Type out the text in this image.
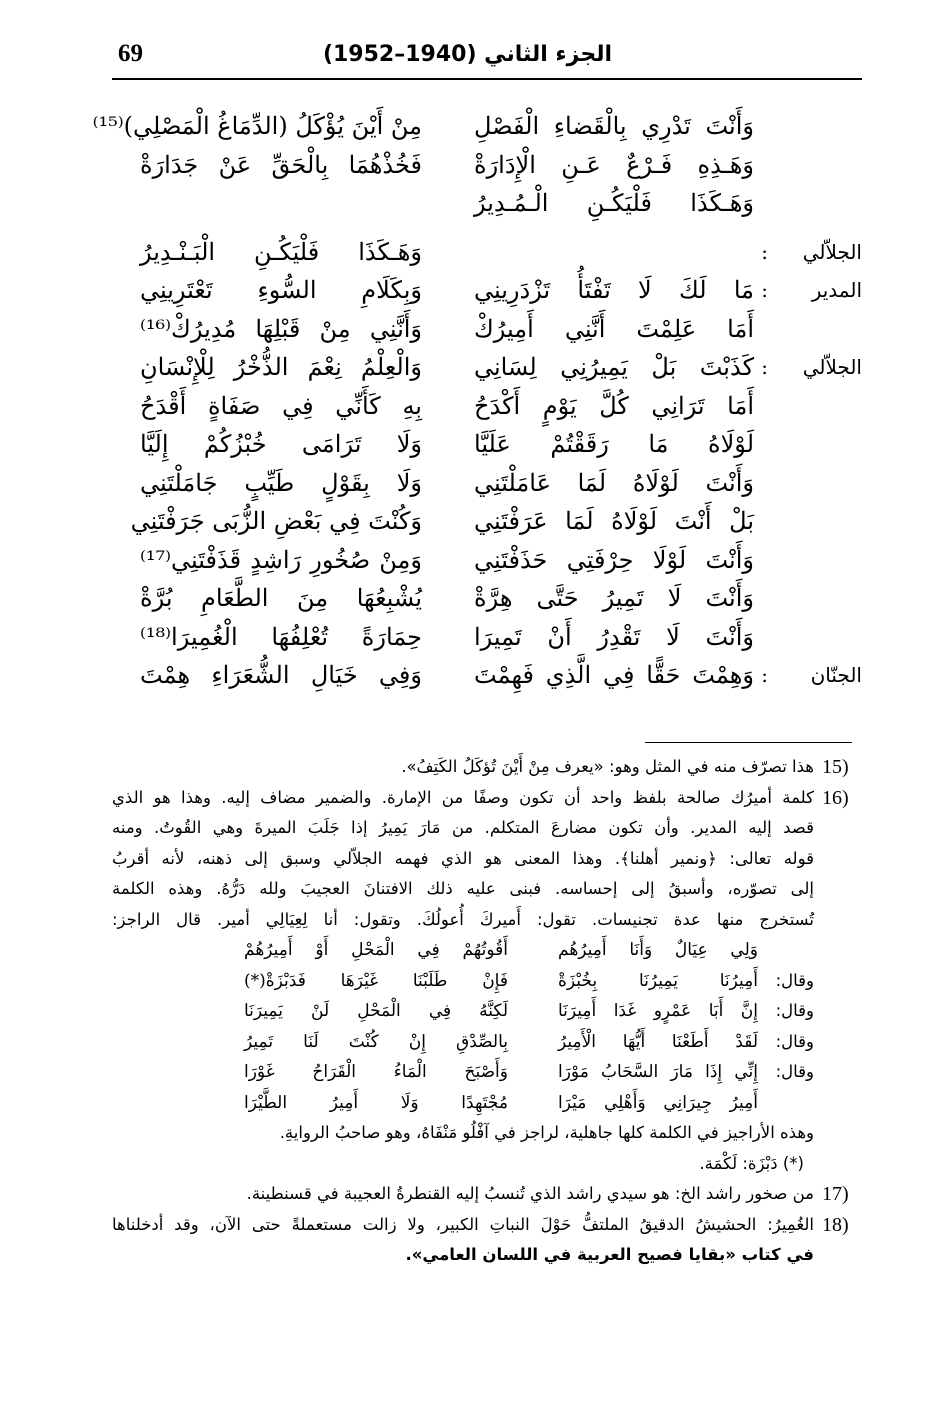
69	الجزء الثاني (1940–1952)
وَأَنْتَ تَدْرِي بِالْقَضاءِ الْفَصْلِ
مِنْ أَيْنَ يُؤْكَلُ (الدِّمَاغُ الْمَصْلِي)⁽¹⁵⁾
وَهَـذِهِ فَـرْعٌ عَـنِ الْإِدَارَةْ
فَخُذْهُمَا بِالْحَقِّ عَنْ جَدَارَةْ
وَهَـكَذَا فَلْيَكُـنِ الْـمُـدِيرُ
الجلاّلي
:
وَهَـكَذَا فَلْيَكُـنِ الْبَـنْـدِيرُ
المدير
:
مَا لَكَ لَا تَفْتَأُ تَزْدَرِينِي
وَبِكَلَامِ السُّوءِ تَعْتَرِينِي
أَمَا عَلِمْتَ أَنَّنِي أَمِيرُكْ
وَأَنَّنِي مِنْ قَبْلِهَا مُدِيرُكْ⁽¹⁶⁾
الجلاّلي
:
كَذَبْتَ بَلْ يَمِيرُنِي لِسَانِي
وَالْعِلْمُ نِعْمَ الذُّخْرُ لِلْإِنْسَانِ
أَمَا تَرَانِي كُلَّ يَوْمٍ أَكْدَحُ
بِهِ كَأَنِّي فِي صَفَاةٍ أَقْدَحُ
لَوْلَاهُ مَا رَقَقْتُمْ عَلَيَّا
وَلَا تَرَامَى خُبْزُكُمْ إِلَيَّا
وَأَنْتَ لَوْلَاهُ لَمَا عَامَلْتَنِي
وَلَا بِقَوْلٍ طَيِّبٍ جَامَلْتَنِي
بَلْ أَنْتَ لَوْلَاهُ لَمَا عَرَفْتَنِي
وَكُنْتَ فِي بَعْضِ الزُّبَى جَرَفْتَنِي
وَأَنْتَ لَوْلَا حِرْفَتِي حَذَفْتَنِي
وَمِنْ صُخُورِ رَاشِدٍ قَذَفْتَنِي⁽¹⁷⁾
وَأَنْتَ لَا تَمِيرُ حَتَّى هِرَّةْ
يُشْبِعُهَا مِنَ الطَّعَامِ بُرَّةْ
وَأَنْتَ لَا تَقْدِرُ أَنْ تَمِيرَا
حِمَارَةً تُعْلِفُهَا الْغُمِيرَا⁽¹⁸⁾
الجنّان
:
وَهِمْتَ حَقًّا فِي الَّذِي فَهِمْتَ
وَفِي خَيَالِ الشُّعَرَاءِ هِمْتَ
15)
هذا تصرّف منه في المثل وهو: «يعرف مِنْ أَيْنَ تُؤكَلُ الكَتِفُ».
16)
كلمة أميرُك صالحة بلفظ واحد أن تكون وصفًا من الإمارة. والضمير مضاف إليه. وهذا هو الذي
قصد إليه المدير. وأن تكون مضارعَ المتكلم. من مَارَ يَمِيرُ إذا جَلَبَ الميرةَ وهي القُوتُ. ومنه
قوله تعالى: ﴿ونمير أهلنا﴾. وهذا المعنى هو الذي فهمه الجلاّلي وسبق إلى ذهنه، لأنه أقربُ
إلى تصوّره، وأسبقُ إلى إحساسه. فبنى عليه ذلك الافتنانَ العجيبَ ولله دَرُّهُ. وهذه الكلمة
تُستخرج منها عدة تجنيسات. تقول: أَميركَ أُعولُكَ. وتقول: أنا لِعِيَالِي أمير. قال الراجز:
وَلِي عِيَالٌ وَأَنَا أَمِيرُهُم
أَقُوتُهُمْ فِي الْمَحْلِ أَوْ أَمِيرُهُمْ
وقال:
أَمِيرُنَا يَمِيرُنَا بِخُبْزَةْ
فَإِنْ طَلَبْنَا غَيْرَهَا فَدَبْزَةْ(*)
وقال:
إِنَّ أَبَا عَمْرٍو غَدَا أَمِيرَنَا
لَكِنَّهُ فِي الْمَحْلِ لَنْ يَمِيرَنَا
وقال:
لَقَدْ أَطَعْنَا أَيُّهَا الْأَمِيرُ
بِالصِّدْقِ إِنْ كُنْتَ لَنَا تَمِيرُ
وقال:
إِنِّي إِذَا مَارَ السَّحَابُ مَوْرَا
وَأَصْبَحَ الْمَاءُ الْقَرَاحُ غَوْرَا
أَمِيرُ جِيرَانِي وَأَهْلِي مَيْرَا
مُجْتَهِدًا وَلَا أَمِيرُ الطَّيْرَا
وهذه الأراجيز في الكلمة كلها جاهلية، لراجز في آفْلُو مَنْفَاهُ، وهو صاحبُ الروايةِ.
(*) دَبْزَة: لَكْمَة.
17)
من صخور راشد الخ: هو سيدي راشد الذي تُنسبُ إليه القنطرةُ العجيبة في قسنطينة.
18)
الغُمِيرُ: الحشيشُ الدقيقُ الملتفُّ حَوْلَ النباتِ الكبير، ولا زالت مستعملةً حتى الآن، وقد أدخلناها
في كتاب «بقايا فصيح العربية في اللسان العامي».
